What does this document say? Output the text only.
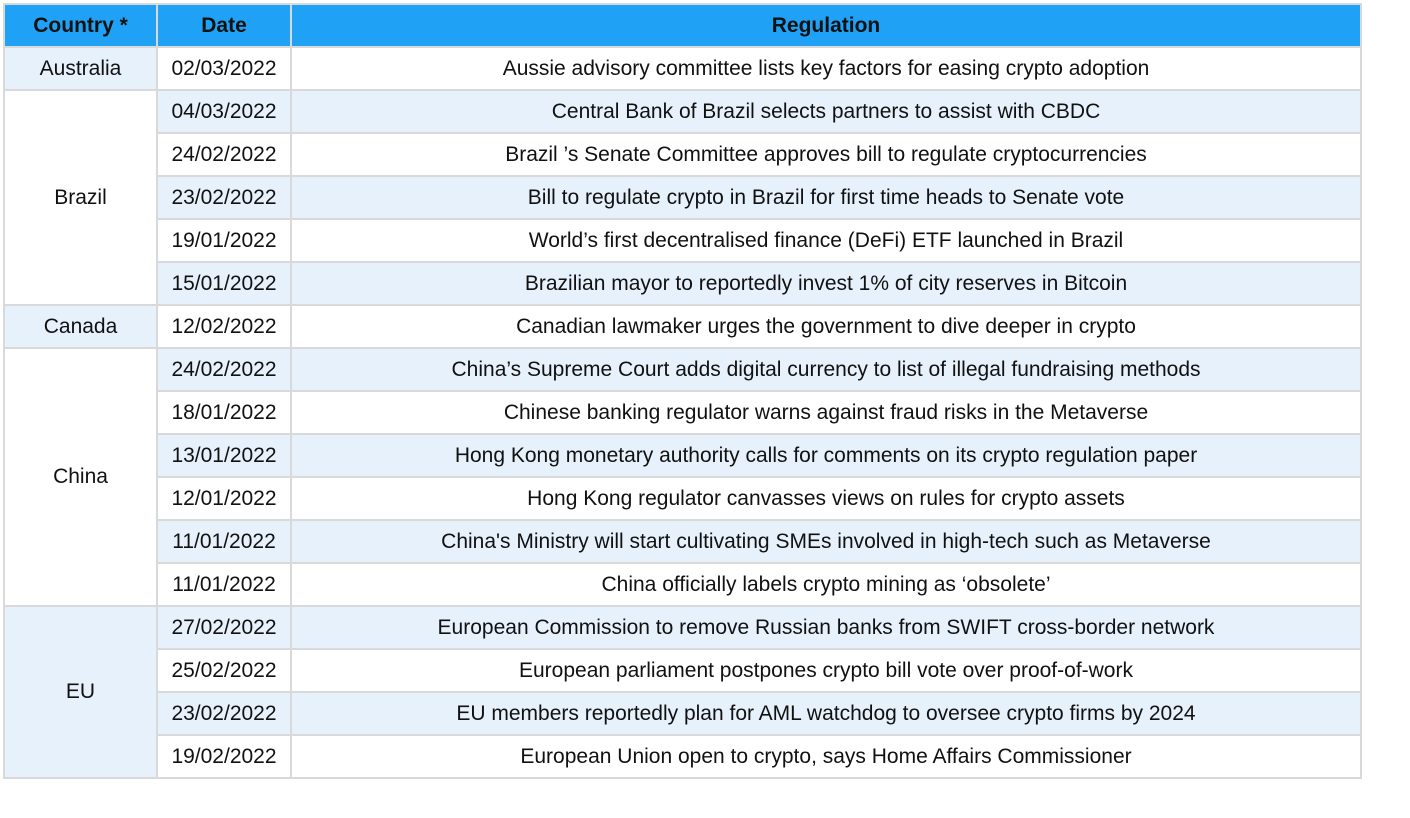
Country *	Date	Regulation
Australia	02/03/2022	Aussie advisory committee lists key factors for easing crypto adoption
Brazil	04/03/2022	Central Bank of Brazil selects partners to assist with CBDC
	24/02/2022	Brazil ’s Senate Committee approves bill to regulate cryptocurrencies
	23/02/2022	Bill to regulate crypto in Brazil for first time heads to Senate vote
	19/01/2022	World’s first decentralised finance (DeFi) ETF launched in Brazil
	15/01/2022	Brazilian mayor to reportedly invest 1% of city reserves in Bitcoin
Canada	12/02/2022	Canadian lawmaker urges the government to dive deeper in crypto
China	24/02/2022	China’s Supreme Court adds digital currency to list of illegal fundraising methods
	18/01/2022	Chinese banking regulator warns against fraud risks in the Metaverse
	13/01/2022	Hong Kong monetary authority calls for comments on its crypto regulation paper
	12/01/2022	Hong Kong regulator canvasses views on rules for crypto assets
	11/01/2022	China's Ministry will start cultivating SMEs involved in high-tech such as Metaverse
	11/01/2022	China officially labels crypto mining as ‘obsolete’
EU	27/02/2022	European Commission to remove Russian banks from SWIFT cross-border network
	25/02/2022	European parliament postpones crypto bill vote over proof-of-work
	23/02/2022	EU members reportedly plan for AML watchdog to oversee crypto firms by 2024
	19/02/2022	European Union open to crypto, says Home Affairs Commissioner
